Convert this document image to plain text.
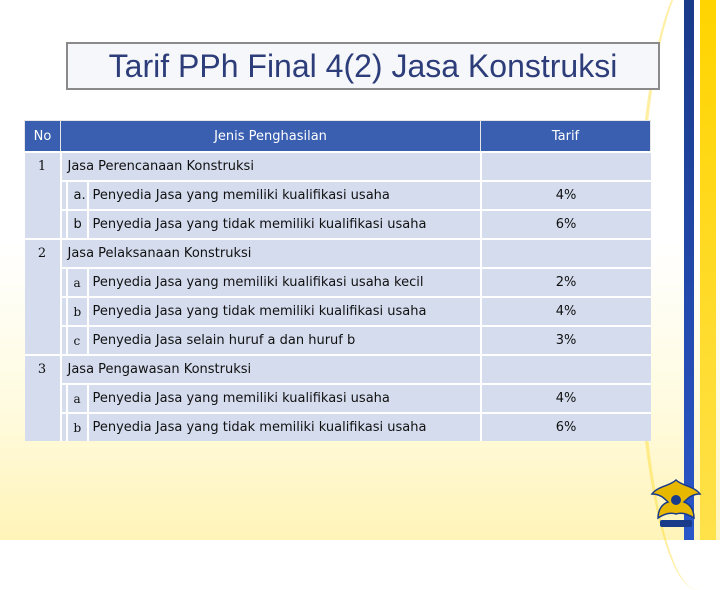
Tarif PPh Final 4(2) Jasa Konstruksi
No	Jenis Penghasilan			Tarif
1	Jasa Perencanaan Konstruksi			
		a.	Penyedia Jasa yang memiliki kualifikasi usaha	4%
		b	Penyedia Jasa yang tidak memiliki kualifikasi usaha	6%
2	Jasa Pelaksanaan Konstruksi			
		a	Penyedia Jasa yang memiliki kualifikasi usaha kecil	2%
		b	Penyedia Jasa yang tidak memiliki kualifikasi usaha	4%
		c	Penyedia Jasa selain huruf a dan huruf b	3%
3	Jasa Pengawasan Konstruksi			
		a	Penyedia Jasa yang memiliki kualifikasi usaha	4%
		b	Penyedia Jasa yang tidak memiliki kualifikasi usaha	6%
